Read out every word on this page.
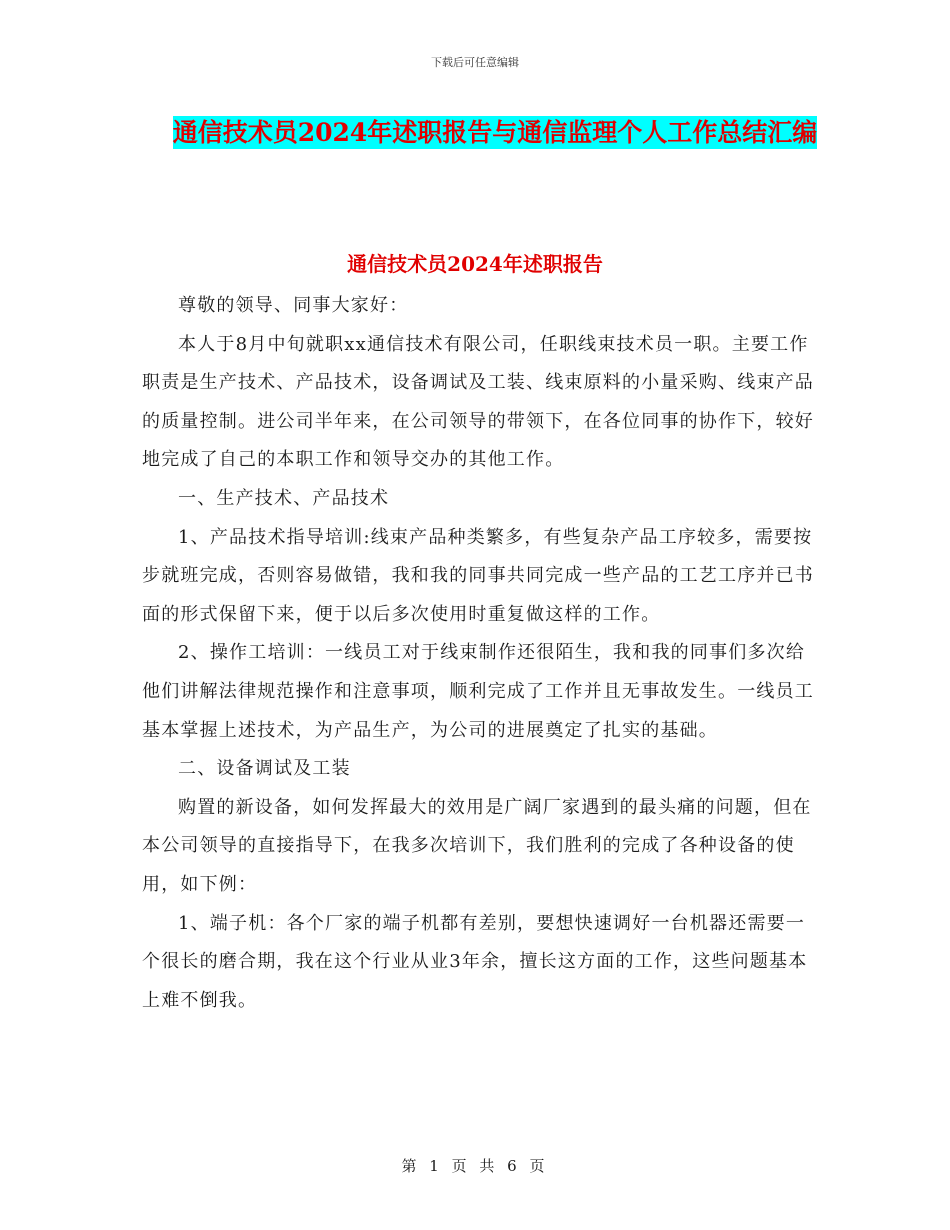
下载后可任意编辑
通信技术员2024年述职报告与通信监理个人工作总结汇编
通信技术员2024年述职报告

尊敬的领导、同事大家好：

本人于8月中旬就职xx通信技术有限公司，任职线束技术员一职。主要工作职责是生产技术、产品技术，设备调试及工装、线束原料的小量采购、线束产品的质量控制。进公司半年来，在公司领导的带领下，在各位同事的协作下，较好地完成了自己的本职工作和领导交办的其他工作。

一、生产技术、产品技术

1、产品技术指导培训:线束产品种类繁多，有些复杂产品工序较多，需要按步就班完成，否则容易做错，我和我的同事共同完成一些产品的工艺工序并已书面的形式保留下来，便于以后多次使用时重复做这样的工作。

2、操作工培训：一线员工对于线束制作还很陌生，我和我的同事们多次给他们讲解法律规范操作和注意事项，顺利完成了工作并且无事故发生。一线员工基本掌握上述技术，为产品生产，为公司的进展奠定了扎实的基础。

二、设备调试及工装

购置的新设备，如何发挥最大的效用是广阔厂家遇到的最头痛的问题，但在本公司领导的直接指导下，在我多次培训下，我们胜利的完成了各种设备的使用，如下例：

1、端子机：各个厂家的端子机都有差别，要想快速调好一台机器还需要一个很长的磨合期，我在这个行业从业3年余，擅长这方面的工作，这些问题基本上难不倒我。

第 1 页 共 6 页
